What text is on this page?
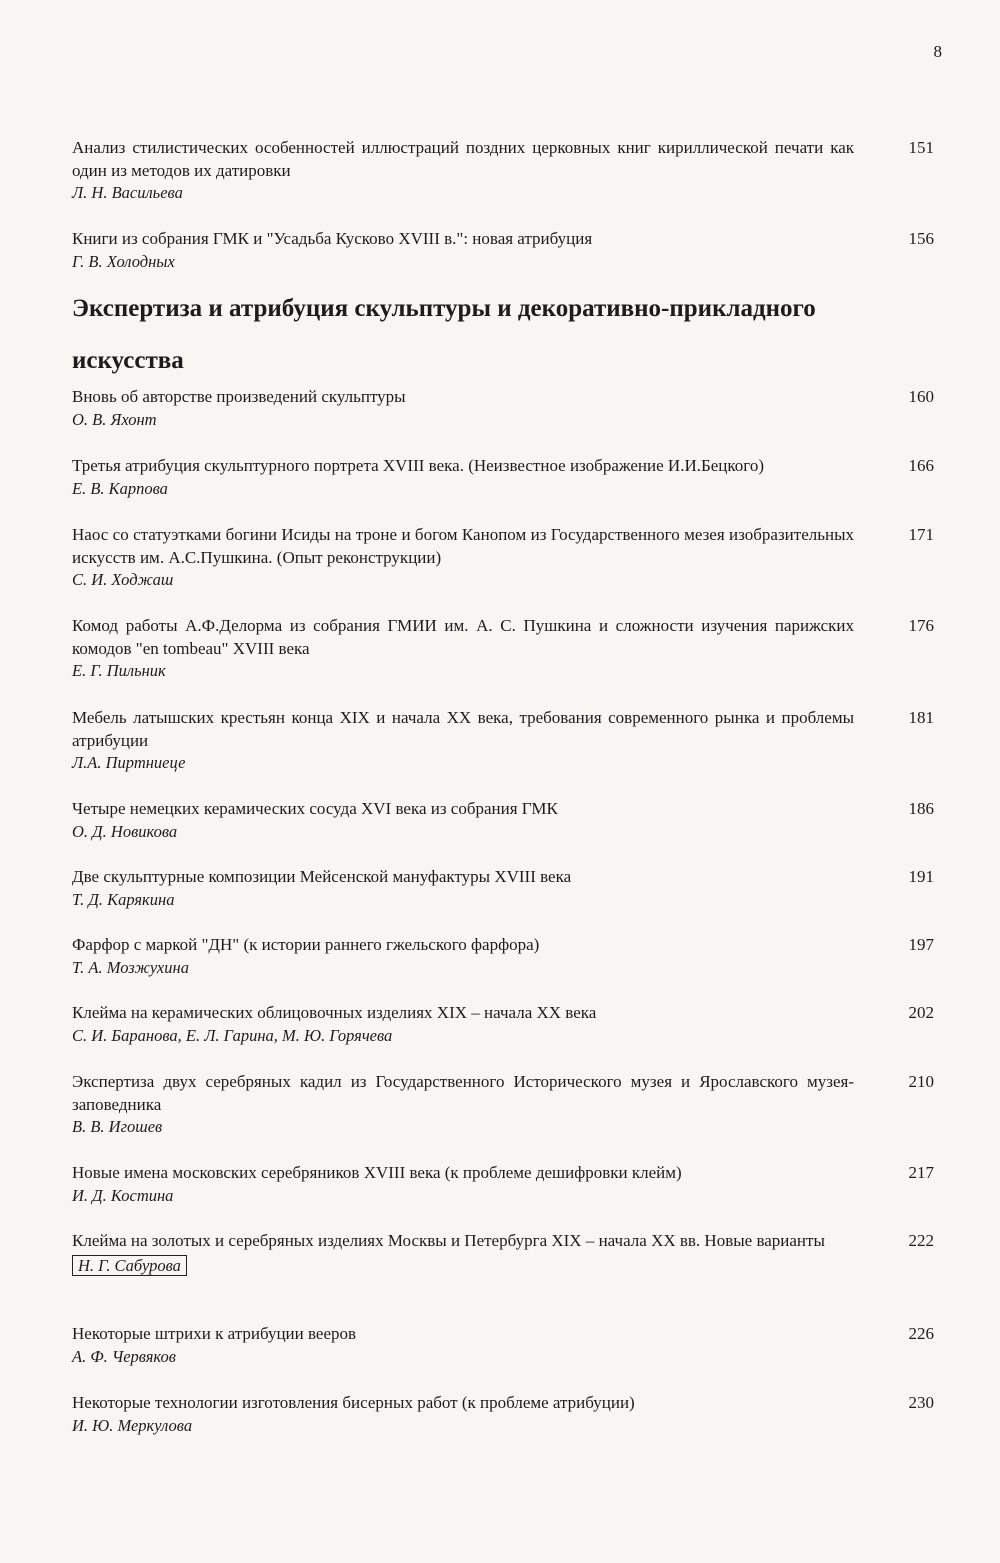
8
Анализ стилистических особенностей иллюстраций поздних церковных книг кириллической печати как один из методов их датировки
Л. Н. Васильева
151
Книги из собрания ГМК и "Усадьба Кусково XVIII в.": новая атрибуция
Г. В. Холодных
156
Экспертиза и атрибуция скульптуры и декоративно-прикладного искусства
Вновь об авторстве произведений скульптуры
О. В. Яхонт
160
Третья атрибуция скульптурного портрета XVIII века. (Неизвестное изображение И.И.Бецкого)
Е. В. Карпова
166
Наос со статуэтками богини Исиды на троне и богом Канопом из Государственного мезея изобразительных искусств им. А.С.Пушкина. (Опыт реконструкции)
С. И. Ходжаш
171
Комод работы А.Ф.Делорма из собрания ГМИИ им. А. С. Пушкина и сложности изучения парижских комодов "en tombeau" XVIII века
Е. Г. Пильник
176
Мебель латышских крестьян конца XIX и начала XX века, требования современного рынка и проблемы атрибуции
Л.А. Пиртниеце
181
Четыре немецких керамических сосуда XVI века из собрания ГМК
О. Д. Новикова
186
Две скульптурные композиции Мейсенской мануфактуры XVIII века
Т. Д. Карякина
191
Фарфор с маркой "ДН" (к истории раннего гжельского фарфора)
Т. А. Мозжухина
197
Клейма на керамических облицовочных изделиях XIX – начала XX века
С. И. Баранова, Е. Л. Гарина, М. Ю. Горячева
202
Экспертиза двух серебряных кадил из Государственного Исторического музея и Ярославского музея-заповедника
В. В. Игошев
210
Новые имена московских серебряников XVIII века (к проблеме дешифровки клейм)
И. Д. Костина
217
Клейма на золотых и серебряных изделиях Москвы и Петербурга XIX – начала XX вв. Новые варианты
Н. Г. Сабурова
222
Некоторые штрихи к атрибуции вееров
А. Ф. Червяков
226
Некоторые технологии изготовления бисерных работ (к проблеме атрибуции)
И. Ю. Меркулова
230
